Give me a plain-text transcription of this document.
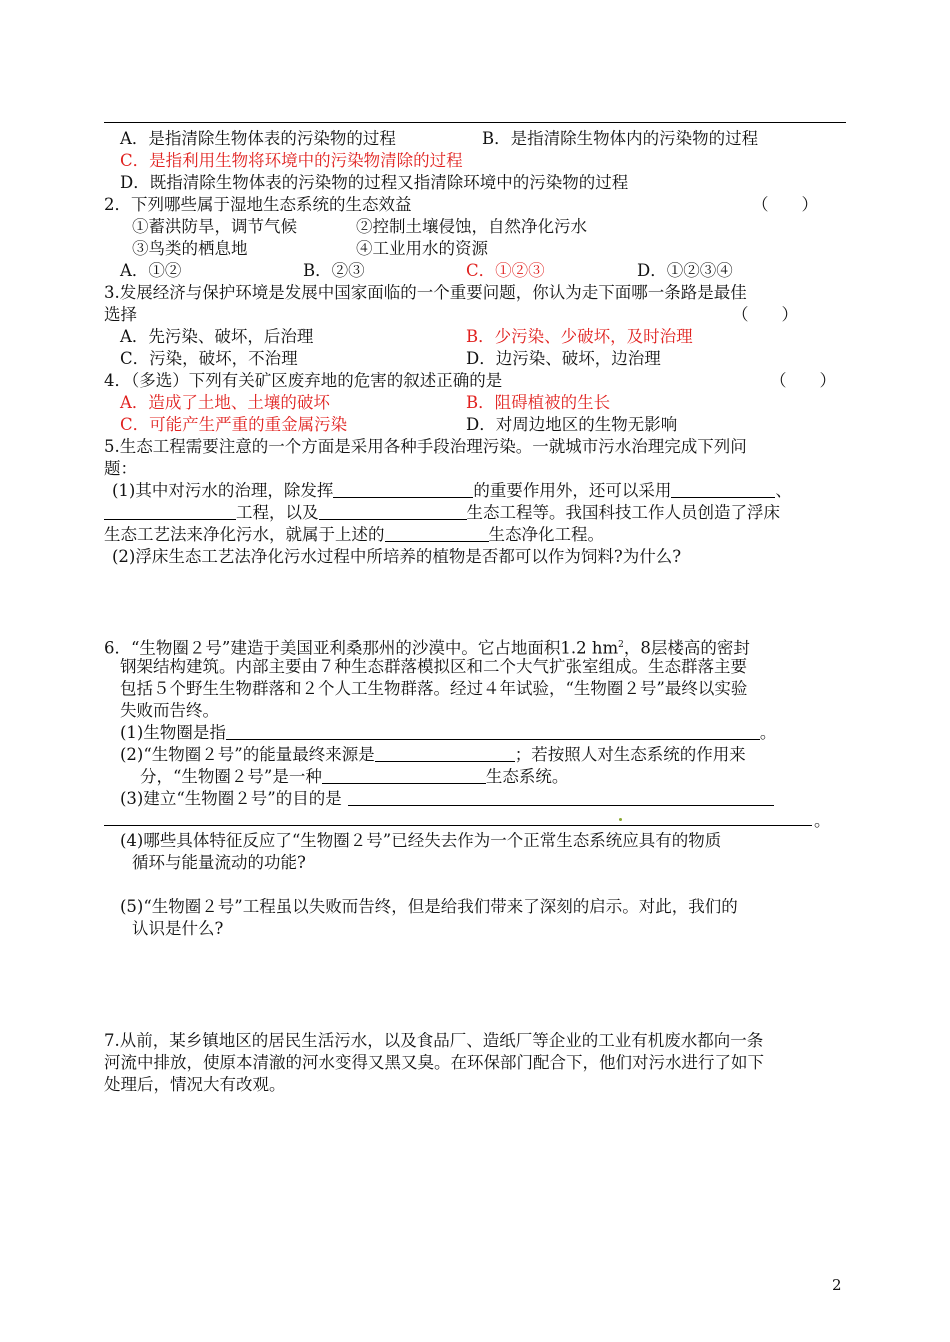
A．是指清除生物体表的污染物的过程	B．是指清除生物体内的污染物的过程
C．是指利用生物将环境中的污染物清除的过程
D．既指清除生物体表的污染物的过程又指清除环境中的污染物的过程
2．下列哪些属于湿地生态系统的生态效益	（　　）
①蓄洪防旱，调节气候	②控制土壤侵蚀，自然净化污水
③鸟类的栖息地	④工业用水的资源
A．①②	B．②③	C．①②③	D．①②③④
3.发展经济与保护环境是发展中国家面临的一个重要问题，你认为走下面哪一条路是最佳
选择	（　　）
A．先污染、破坏，后治理	B．少污染、少破坏，及时治理
C．污染，破坏，不治理	D．边污染、破坏，边治理
4．（多选）下列有关矿区废弃地的危害的叙述正确的是	（　　）
A．造成了土地、土壤的破坏	B．阻碍植被的生长
C．可能产生严重的重金属污染	D．对周边地区的生物无影响
5.生态工程需要注意的一个方面是采用各种手段治理污染。一就城市污水治理完成下列问
题：
(1)其中对污水的治理，除发挥	的重要作用外，还可以采用	、
工程，以及	生态工程等。我国科技工作人员创造了浮床
生态工艺法来净化污水，就属于上述的	生态净化工程。
(2)浮床生态工艺法净化污水过程中所培养的植物是否都可以作为饲料?为什么?
6．“生物圈２号”建造于美国亚利桑那州的沙漠中。它占地面积1.2 $hm^2$，8层楼高的密封
钢架结构建筑。内部主要由７种生态群落模拟区和二个大气扩张室组成。生态群落主要
包括５个野生生物群落和２个人工生物群落。经过４年试验，“生物圈２号”最终以实验
失败而告终。
(1)生物圈是指	。
(2)“生物圈２号”的能量最终来源是	；若按照人对生态系统的作用来
分，“生物圈２号”是一种	生态系统。
(3)建立“生物圈２号”的目的是
。
(4)哪些具体特征反应了“生物圈２号”已经失去作为一个正常生态系统应具有的物质
循环与能量流动的功能?
(5)“生物圈２号”工程虽以失败而告终，但是给我们带来了深刻的启示。对此，我们的
认识是什么?
7.从前，某乡镇地区的居民生活污水，以及食品厂、造纸厂等企业的工业有机废水都向一条
河流中排放，使原本清澈的河水变得又黑又臭。在环保部门配合下，他们对污水进行了如下
处理后，情况大有改观。
2
